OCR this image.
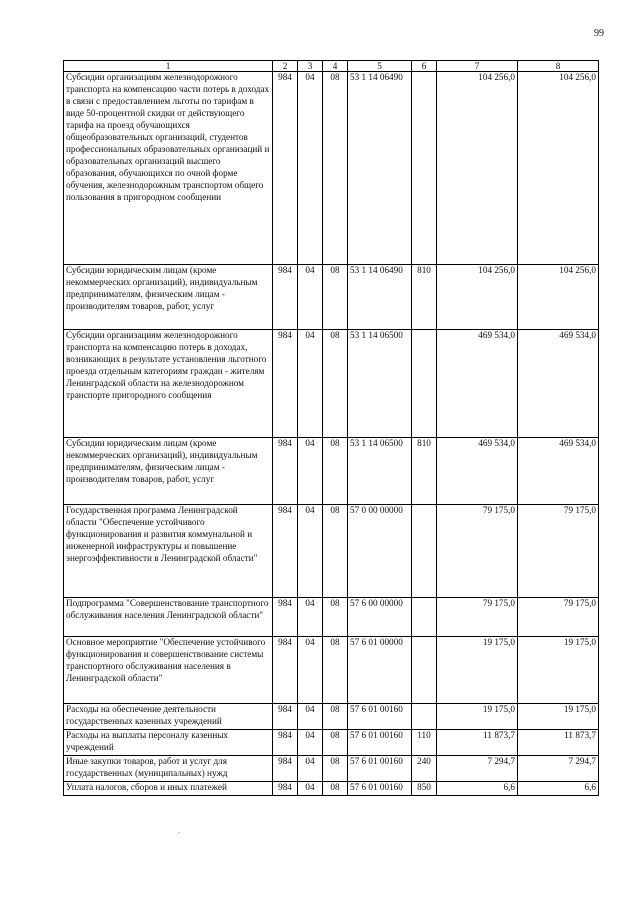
99
1	2	3	4	5	6	7	8
Субсидии организациям железнодорожного транспорта на компенсацию части потерь в доходах в связи с предоставлением льготы по тарифам в виде 50-процентной скидки от действующего тарифа на проезд обучающихся общеобразовательных организаций, студентов профессиональных образовательных организаций и образовательных организаций высшего образования, обучающихся по очной форме обучения, железнодорожным транспортом общего пользования в пригородном сообщении	984	04	08	53 1 14 06490		104 256,0	104 256,0
Субсидии юридическим лицам (кроме некоммерческих организаций), индивидуальным предпринимателям, физическим лицам - производителям товаров, работ, услуг	984	04	08	53 1 14 06490	810	104 256,0	104 256,0
Субсидии организациям железнодорожного транспорта на компенсацию потерь в доходах, возникающих в результате установления льготного проезда отдельным категориям граждан - жителям Ленинградской области на железнодорожном транспорте пригородного сообщения	984	04	08	53 1 14 06500		469 534,0	469 534,0
Субсидии юридическим лицам (кроме некоммерческих организаций), индивидуальным предпринимателям, физическим лицам - производителям товаров, работ, услуг	984	04	08	53 1 14 06500	810	469 534,0	469 534,0
Государственная программа Ленинградской области "Обеспечение устойчивого функционирования и развития коммунальной и инженерной инфраструктуры и повышение энергоэффективности в Ленинградской области"	984	04	08	57 0 00 00000		79 175,0	79 175,0
Подпрограмма "Совершенствование транспортного обслуживания населения Ленинградской области"	984	04	08	57 6 00 00000		79 175,0	79 175,0
Основное мероприятие "Обеспечение устойчивого функционирования и совершенствование системы транспортного обслуживания населения в Ленинградской области"	984	04	08	57 6 01 00000		19 175,0	19 175,0
Расходы на обеспечение деятельности государственных казенных учреждений	984	04	08	57 6 01 00160		19 175,0	19 175,0
Расходы на выплаты персоналу казенных учреждений	984	04	08	57 6 01 00160	110	11 873,7	11 873,7
Иные закупки товаров, работ и услуг для государственных (муниципальных) нужд	984	04	08	57 6 01 00160	240	7 294,7	7 294,7
Уплата налогов, сборов и иных платежей	984	04	08	57 6 01 00160	850	6,6	6,6
.
